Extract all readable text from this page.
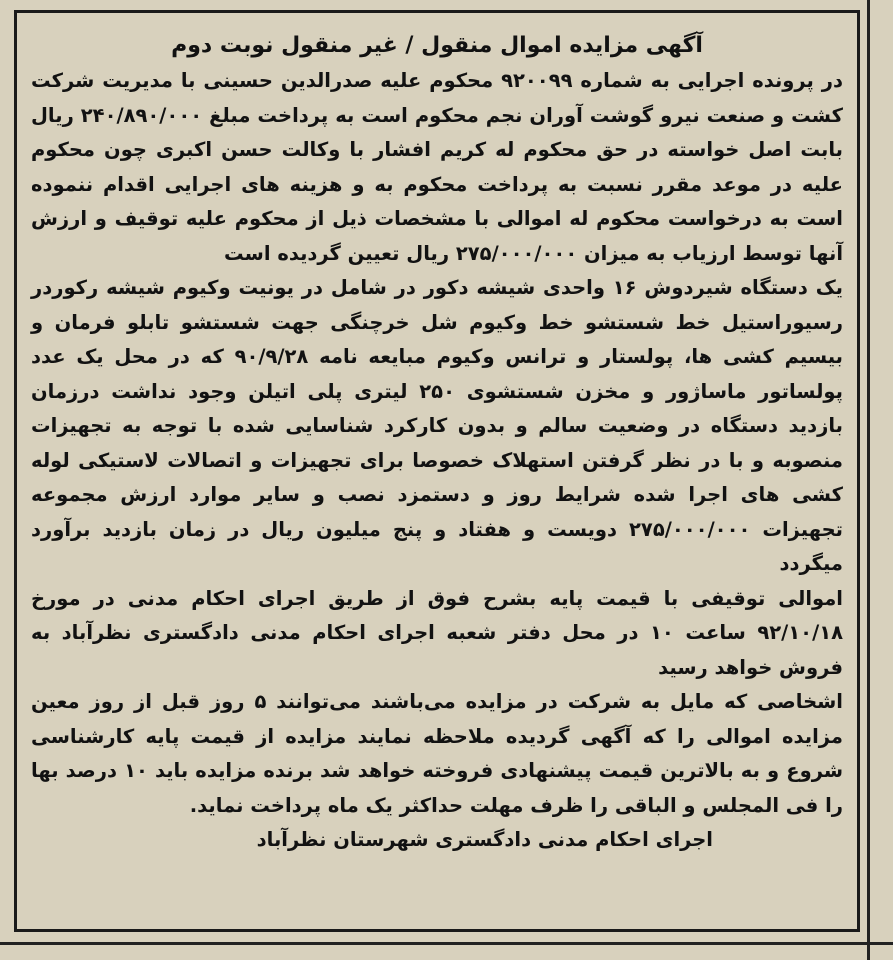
آگهی مزایده اموال منقول / غیر منقول نوبت دوم

در پرونده اجرایی به شماره ۹۲۰۰۹۹ محکوم علیه صدرالدین حسینی با مدیریت شرکت کشت و صنعت نیرو گوشت آوران نجم محکوم است به پرداخت مبلغ ۲۴۰/۸۹۰/۰۰۰ ریال بابت اصل خواسته در حق محکوم له کریم افشار با وکالت حسن اکبری چون محکوم علیه در موعد مقرر نسبت به پرداخت محکوم به و هزینه های اجرایی اقدام ننموده است به درخواست محکوم له اموالی با مشخصات ذیل از محکوم علیه توقیف و ارزش آنها توسط ارزیاب به میزان ۲۷۵/۰۰۰/۰۰۰ ریال تعیین گردیده است

یک دستگاه شیردوش ۱۶ واحدی شیشه دکور در شامل در یونیت وکیوم شیشه رکوردر رسیوراستیل خط شستشو خط وکیوم شل خرچنگی جهت شستشو تابلو فرمان و بیسیم کشی ها، پولستار و ترانس وکیوم مبایعه نامه ۹۰/۹/۲۸ که در محل یک عدد پولساتور ماساژور و مخزن شستشوی ۲۵۰ لیتری پلی اتیلن وجود نداشت درزمان بازدید دستگاه در وضعیت سالم و بدون کارکرد شناسایی شده با توجه به تجهیزات منصوبه و با در نظر گرفتن استهلاک خصوصا برای تجهیزات و اتصالات لاستیکی لوله کشی های اجرا شده شرایط روز و دستمزد نصب و سایر موارد ارزش مجموعه تجهیزات ۲۷۵/۰۰۰/۰۰۰ دویست و هفتاد و پنج میلیون ریال در زمان بازدید برآورد میگردد

اموالی توقیفی با قیمت پایه بشرح فوق از طریق اجرای احکام مدنی در مورخ ۹۲/۱۰/۱۸ ساعت ۱۰ در محل دفتر شعبه اجرای احکام مدنی دادگستری نظرآباد به فروش خواهد رسید

اشخاصی که مایل به شرکت در مزایده می‌باشند می‌توانند ۵ روز قبل از روز معین مزایده اموالی را که آگهی گردیده ملاحظه نمایند مزایده از قیمت پایه کارشناسی شروع و به بالاترین قیمت پیشنهادی فروخته خواهد شد برنده مزایده باید ۱۰ درصد بها را فی المجلس و الباقی را ظرف مهلت حداکثر یک ماه پرداخت نماید.

اجرای احکام مدنی دادگستری شهرستان نظرآباد
